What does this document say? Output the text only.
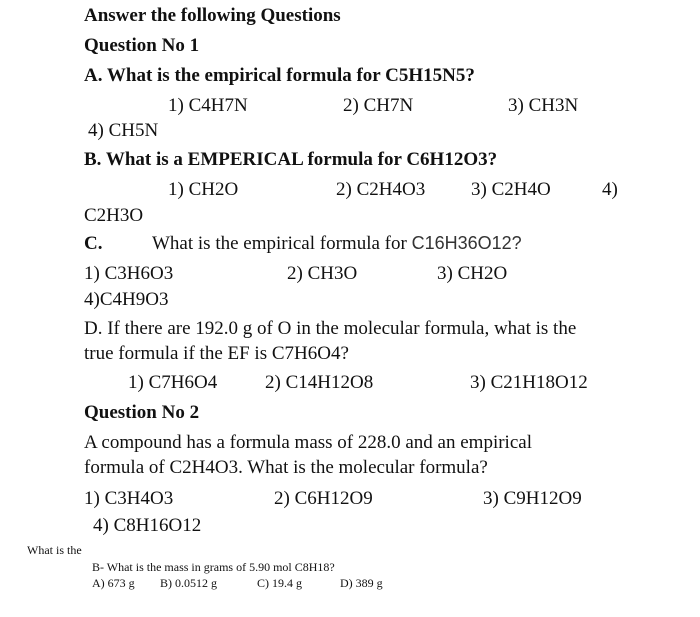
Answer the following Questions
Question No 1
A. What is the empirical formula for C5H15N5?
1) C4H7N	2) CH7N	3) CH3N
4) CH5N
B. What is a EMPERICAL formula for C6H12O3?
1) CH2O	2) C2H4O3 3) C2H4O	4)
C2H3O
C.	What is the empirical formula for C16H36O12?
1) C3H6O3	2) CH3O	3) CH2O
4)C4H9O3
D. If there are 192.0 g of O in the molecular formula, what is the
true formula if the EF is C7H6O4?
1) C7H6O4	2) C14H12O8	3) C21H18O12
Question No 2
A compound has a formula mass of 228.0 and an empirical
formula of C2H4O3. What is the molecular formula?
1) C3H4O3	2) C6H12O9	3) C9H12O9
4) C8H16O12
What is the
B- What is the mass in grams of 5.90 mol C8H18?
A) 673 g B) 0.0512 g	C) 19.4 g	D) 389 g
